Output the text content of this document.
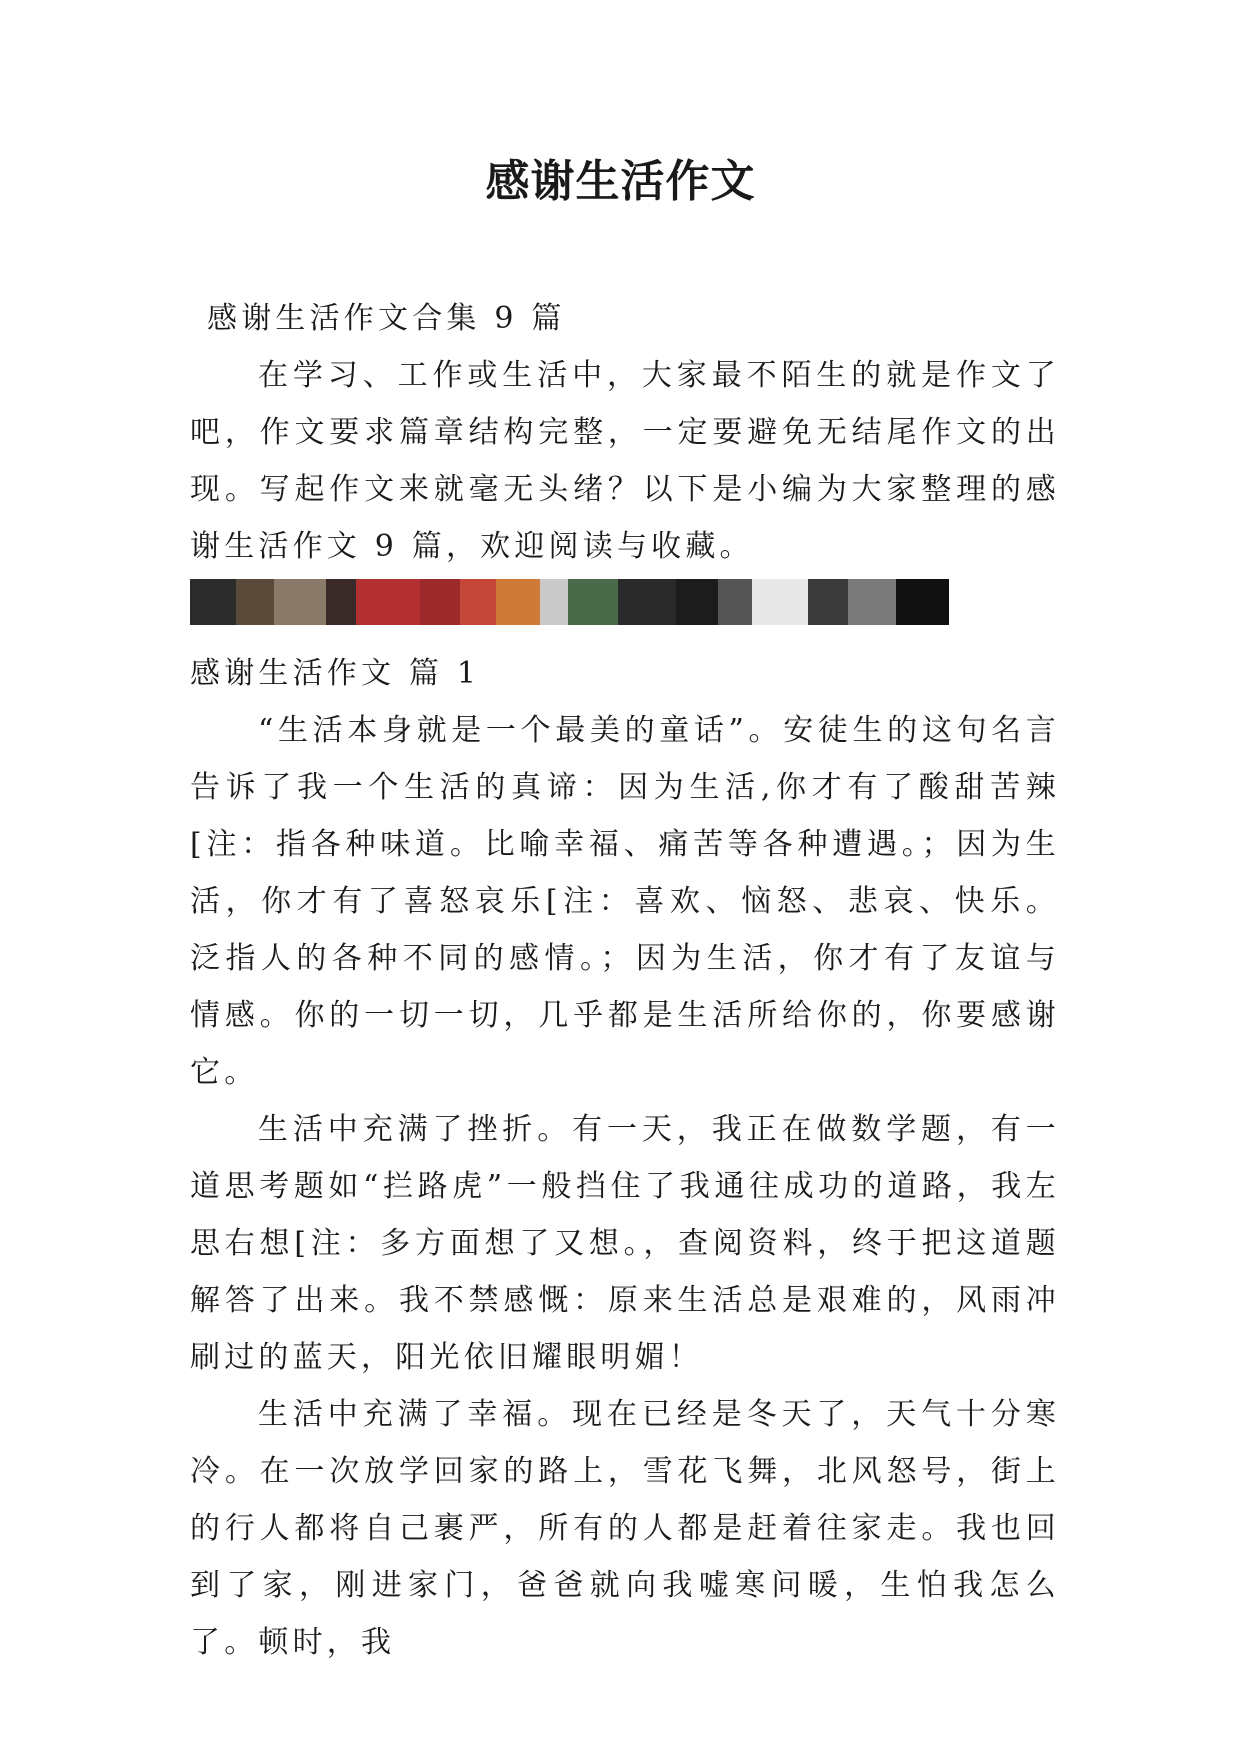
感谢生活作文

感谢生活作文合集 9 篇

在学习、工作或生活中，大家最不陌生的就是作文了吧，作文要求篇章结构完整，一定要避免无结尾作文的出现。写起作文来就毫无头绪？以下是小编为大家整理的感谢生活作文 9 篇，欢迎阅读与收藏。

感谢生活作文 篇 1

“生活本身就是一个最美的童话”。安徒生的这句名言告诉了我一个生活的真谛：因为生活,你才有了酸甜苦辣[注：指各种味道。比喻幸福、痛苦等各种遭遇。；因为生活，你才有了喜怒哀乐[注：喜欢、恼怒、悲哀、快乐。泛指人的各种不同的感情。；因为生活，你才有了友谊与情感。你的一切一切，几乎都是生活所给你的，你要感谢它。

生活中充满了挫折。有一天，我正在做数学题，有一道思考题如“拦路虎”一般挡住了我通往成功的道路，我左思右想[注：多方面想了又想。，查阅资料，终于把这道题解答了出来。我不禁感慨：原来生活总是艰难的，风雨冲刷过的蓝天，阳光依旧耀眼明媚！

生活中充满了幸福。现在已经是冬天了，天气十分寒冷。在一次放学回家的路上，雪花飞舞，北风怒号，街上的行人都将自己裹严，所有的人都是赶着往家走。我也回到了家，刚进家门，爸爸就向我嘘寒问暖，生怕我怎么了。顿时，我
